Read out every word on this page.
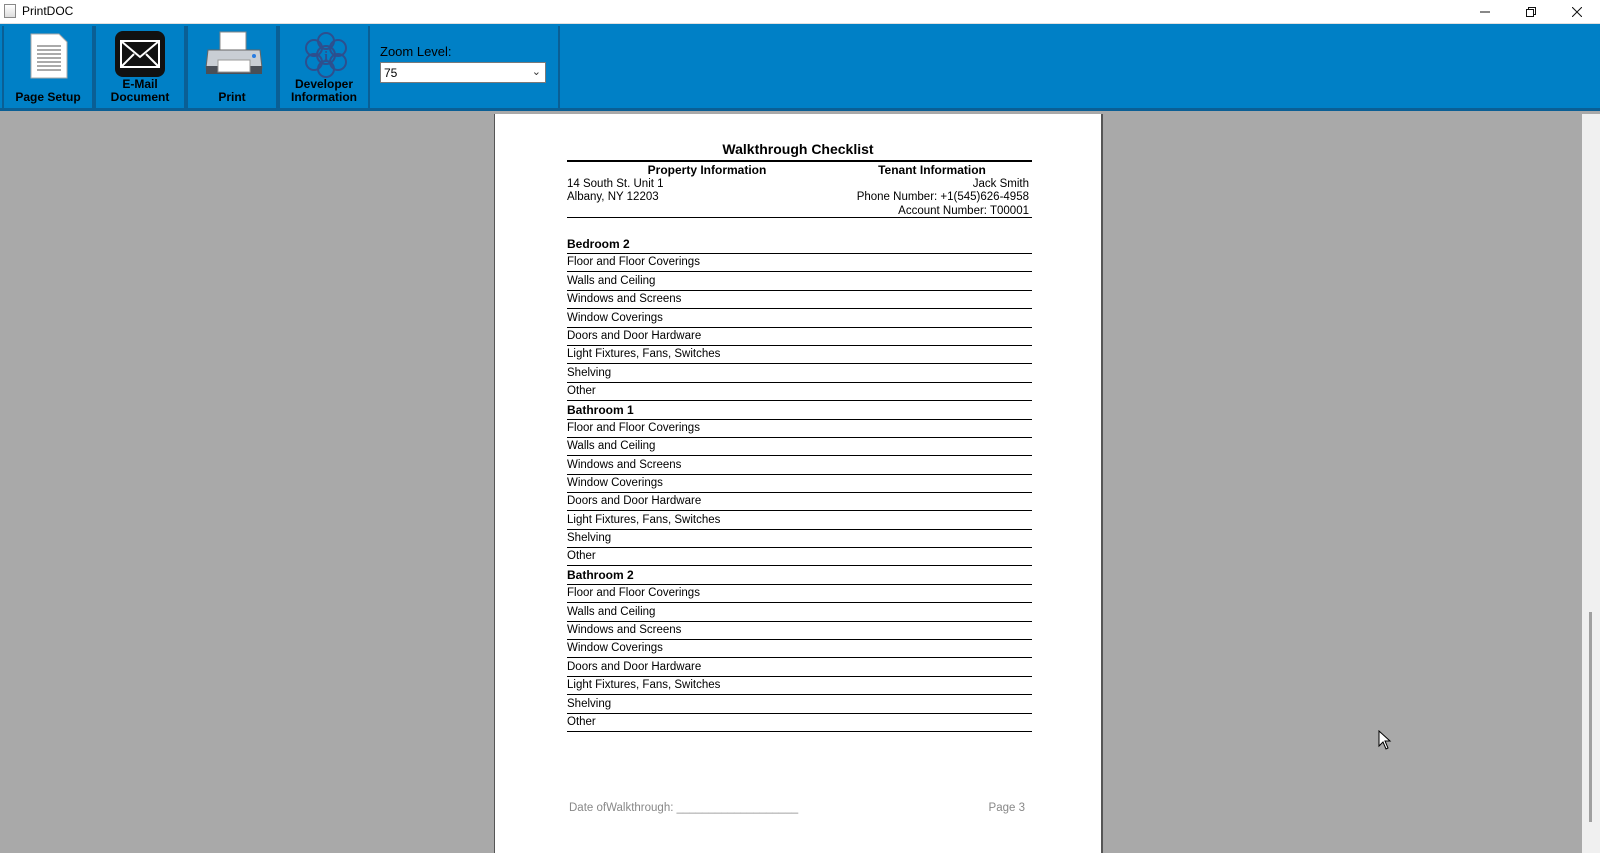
PrintDOC
Page Setup
E-Mail Document	Print
i
Developer Information
Zoom Level:
75	⌄
Walkthrough Checklist
Property Information
14 South St. Unit 1
Albany, NY 12203
Tenant Information
Jack Smith
Phone Number: +1(545)626-4958
Account Number: T00001
Bedroom 2
Floor and Floor Coverings
Walls and Ceiling
Windows and Screens
Window Coverings
Doors and Door Hardware
Light Fixtures, Fans, Switches
Shelving
Other
Bathroom 1
Floor and Floor Coverings
Walls and Ceiling
Windows and Screens
Window Coverings
Doors and Door Hardware
Light Fixtures, Fans, Switches
Shelving
Other
Bathroom 2
Floor and Floor Coverings
Walls and Ceiling
Windows and Screens
Window Coverings
Doors and Door Hardware
Light Fixtures, Fans, Switches
Shelving
Other
Date ofWalkthrough: ___________________	Page 3
